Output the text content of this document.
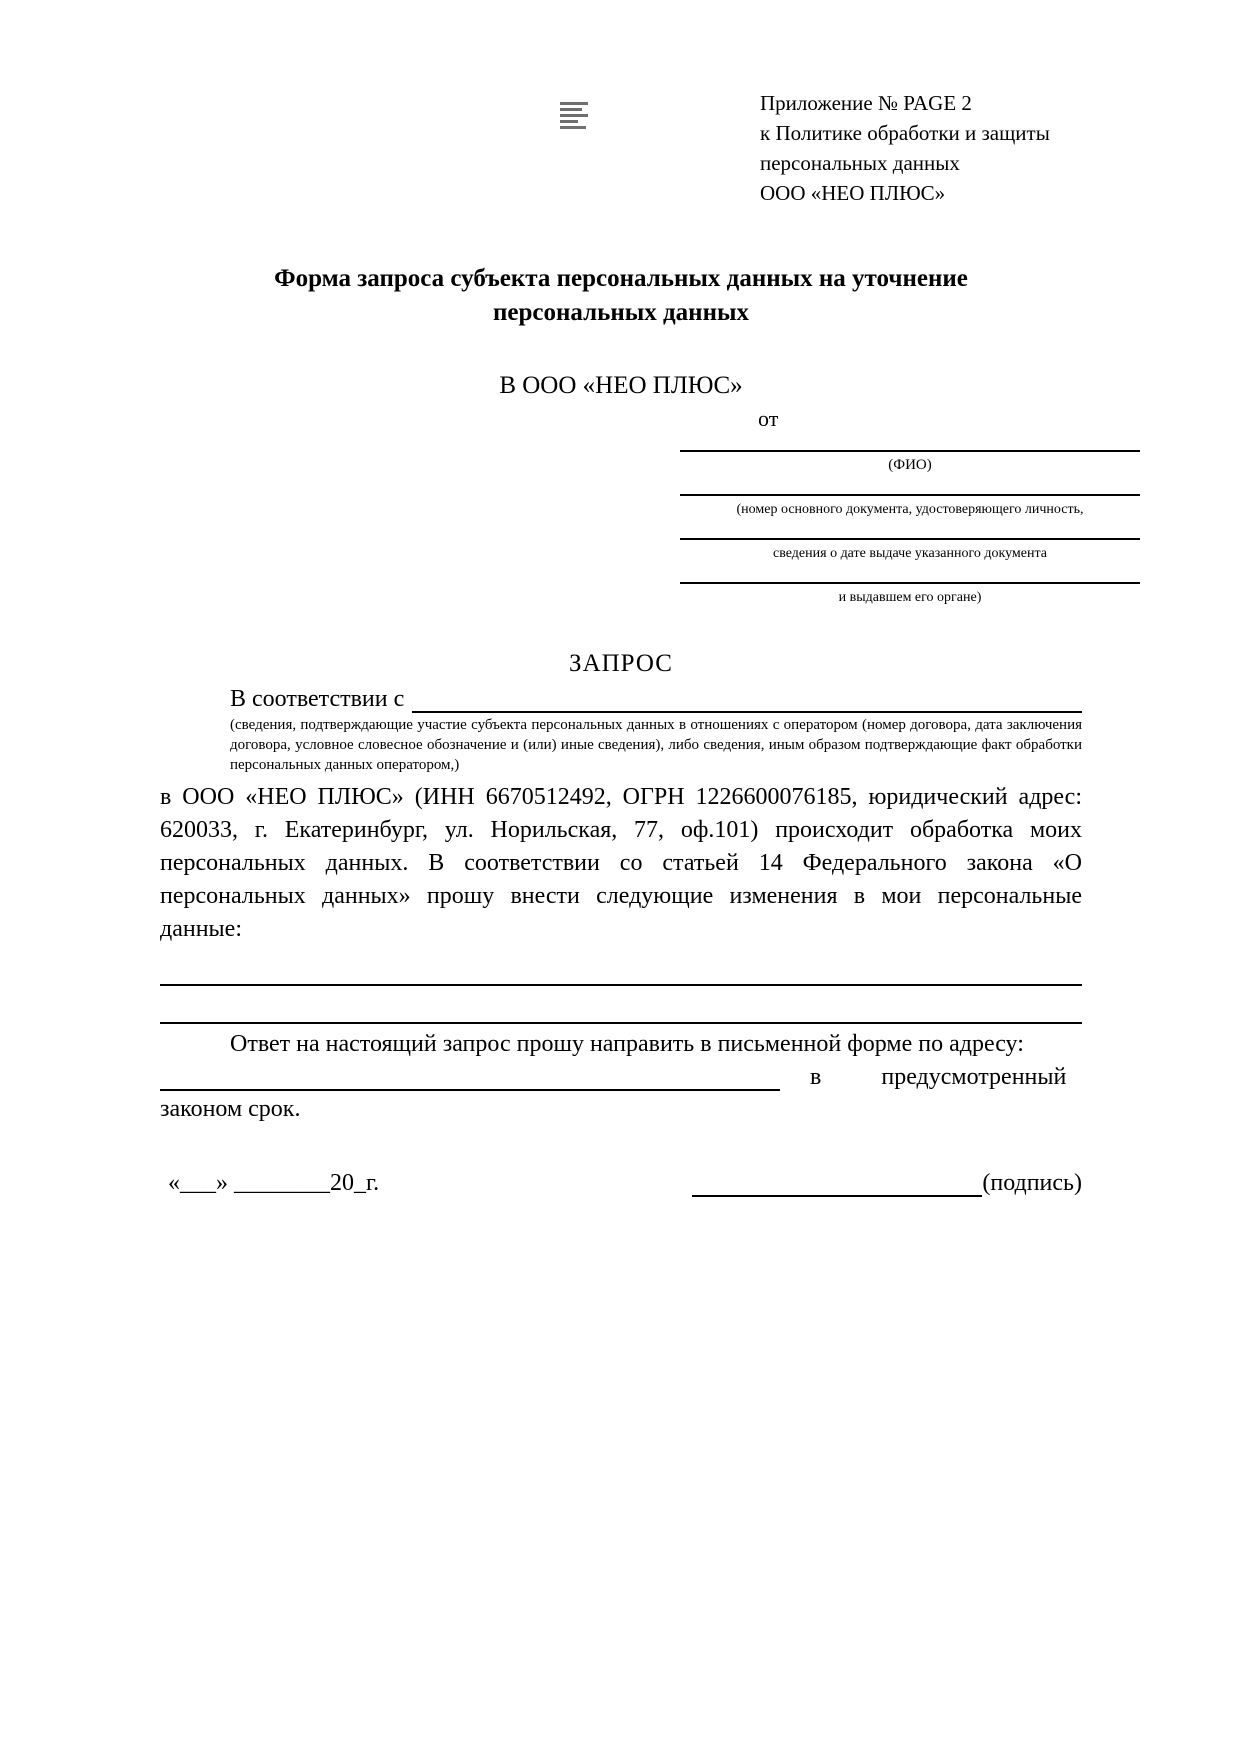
Приложение № PAGE 2
к Политике обработки и защиты
персональных данных
ООО «НЕО ПЛЮС»
Форма запроса субъекта персональных данных на уточнение персональных данных
В ООО «НЕО ПЛЮС»
от
(ФИО)
(номер основного документа, удостоверяющего личность,
сведения о дате выдаче указанного документа
и выдавшем его органе)
ЗАПРОС
В соответствии с
(сведения, подтверждающие участие субъекта персональных данных в отношениях с оператором (номер договора, дата заключения договора, условное словесное обозначение и (или) иные сведения), либо сведения, иным образом подтверждающие факт обработки персональных данных оператором,)
в ООО «НЕО ПЛЮС» (ИНН 6670512492, ОГРН 1226600076185, юридический адрес: 620033, г. Екатеринбург, ул. Норильская, 77, оф.101) происходит обработка моих персональных данных. В соответствии со статьей 14 Федерального закона «О персональных данных» прошу внести следующие изменения в мои персональные данные:
Ответ на настоящий запрос прошу направить в письменной форме по адресу:
в	предусмотренный
законом срок.
«___» ________20_г.	(подпись)
